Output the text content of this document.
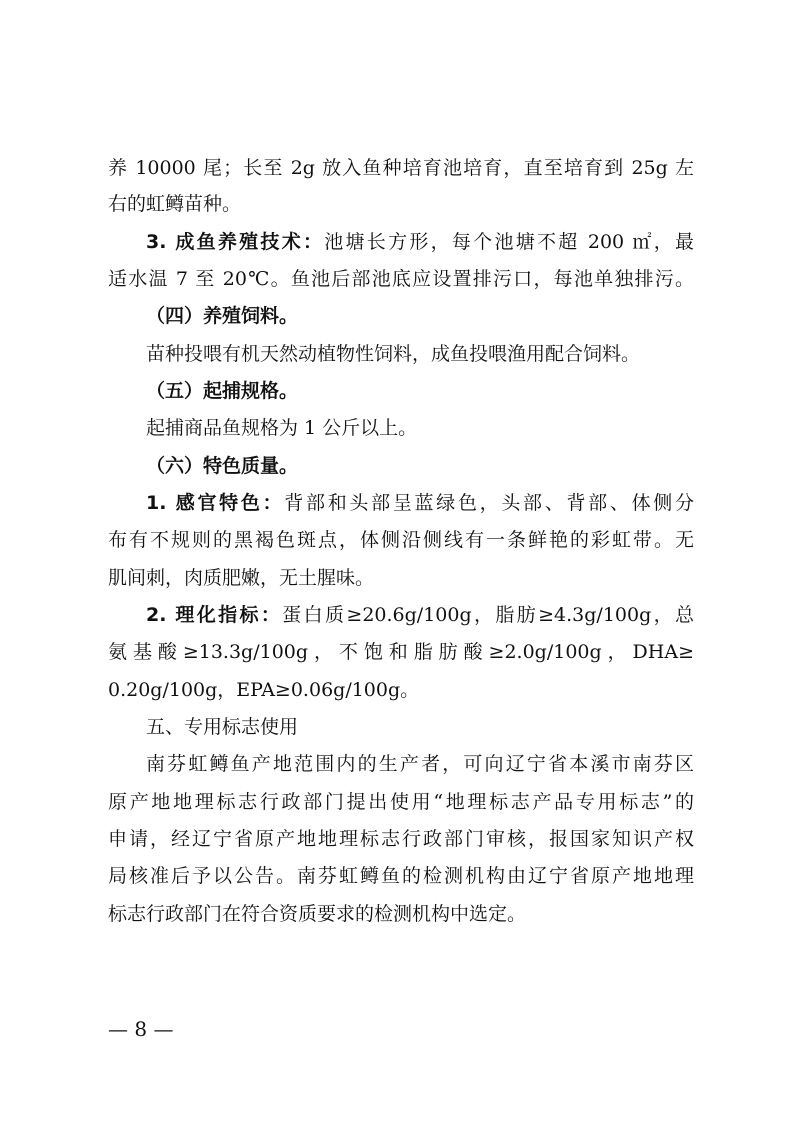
养 10000 尾；长至 2g 放入鱼种培育池培育，直至培育到 25g 左
右的虹鳟苗种。
3. 成鱼养殖技术：池塘长方形，每个池塘不超 200 ㎡，最
适水温 7 至 20℃。鱼池后部池底应设置排污口，每池单独排污。
（四）养殖饲料。
苗种投喂有机天然动植物性饲料，成鱼投喂渔用配合饲料。
（五）起捕规格。
起捕商品鱼规格为 1 公斤以上。
（六）特色质量。
1. 感官特色：背部和头部呈蓝绿色，头部、背部、体侧分
布有不规则的黑褐色斑点，体侧沿侧线有一条鲜艳的彩虹带。无
肌间刺，肉质肥嫩，无土腥味。
2. 理化指标：蛋白质≥20.6g/100g，脂肪≥4.3g/100g，总
氨基酸≥13.3g/100g，不饱和脂肪酸≥2.0g/100g，DHA≥
0.20g/100g，EPA≥0.06g/100g。
五、专用标志使用
南芬虹鳟鱼产地范围内的生产者，可向辽宁省本溪市南芬区
原产地地理标志行政部门提出使用“地理标志产品专用标志”的
申请，经辽宁省原产地地理标志行政部门审核，报国家知识产权
局核准后予以公告。南芬虹鳟鱼的检测机构由辽宁省原产地地理
标志行政部门在符合资质要求的检测机构中选定。
— 8 —
